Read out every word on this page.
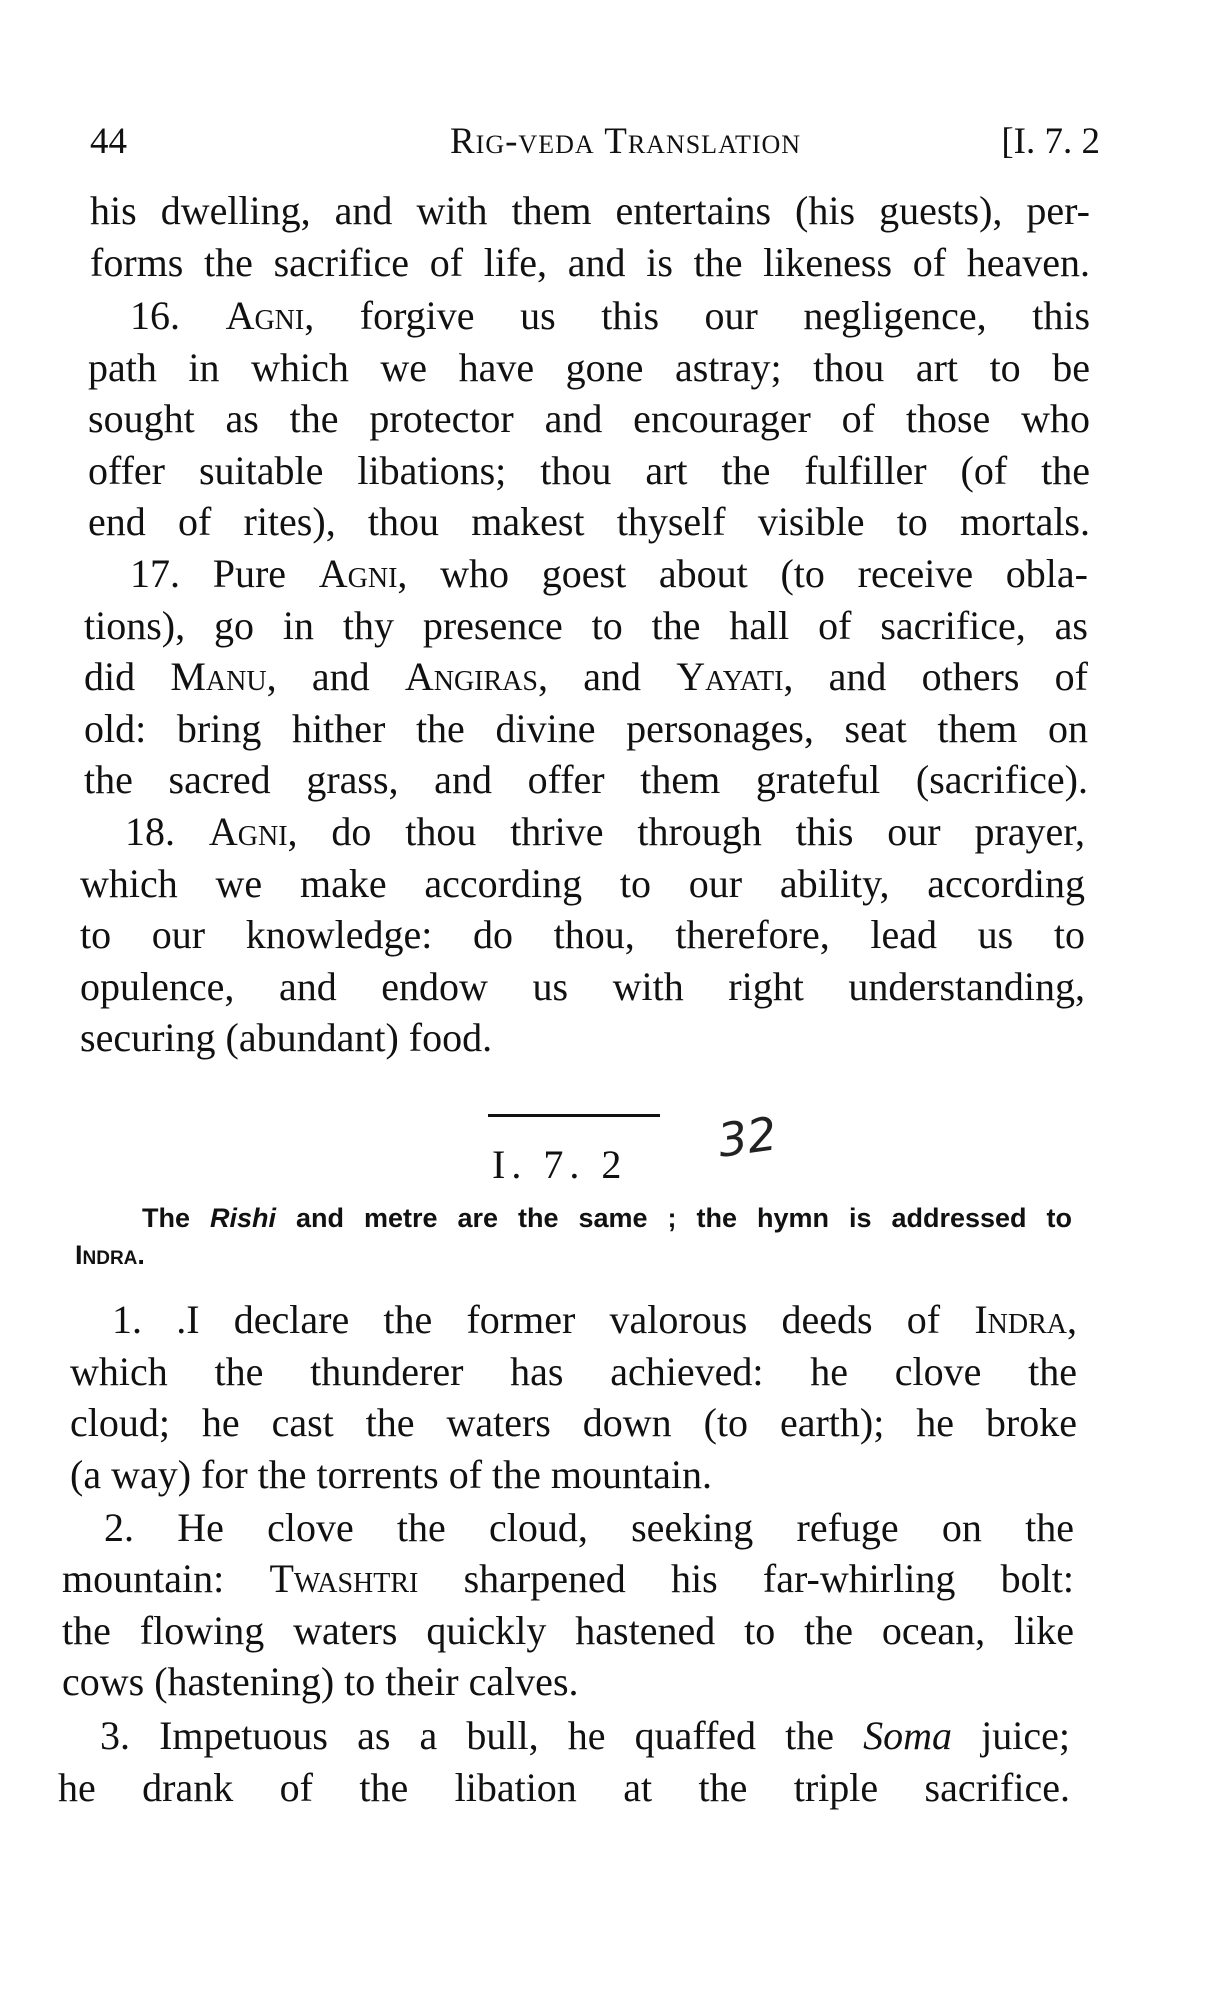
44	Rig-veda Translation	[I. 7. 2
his dwelling, and with them entertains (his guests), per-
forms the sacrifice of life, and is the likeness of heaven.
16. Agni, forgive us this our negligence, this
path in which we have gone astray; thou art to be
sought as the protector and encourager of those who
offer suitable libations; thou art the fulfiller (of the
end of rites), thou makest thyself visible to mortals.
17. Pure Agni, who goest about (to receive obla-
tions), go in thy presence to the hall of sacrifice, as
did Manu, and Angiras, and Yayati, and others of
old: bring hither the divine personages, seat them on
the sacred grass, and offer them grateful (sacrifice).
18. Agni, do thou thrive through this our prayer,
which we make according to our ability, according
to our knowledge: do thou, therefore, lead us to
opulence, and endow us with right understanding,
securing (abundant) food.
I. 7. 2 32
The Rishi and metre are the same ; the hymn is addressed to
Indra.
1. .I declare the former valorous deeds of Indra,
which the thunderer has achieved: he clove the
cloud; he cast the waters down (to earth); he broke
(a way) for the torrents of the mountain.
2. He clove the cloud, seeking refuge on the
mountain: Twashtri sharpened his far-whirling bolt:
the flowing waters quickly hastened to the ocean, like
cows (hastening) to their calves.
3. Impetuous as a bull, he quaffed the Soma juice;
he drank of the libation at the triple sacrifice.
